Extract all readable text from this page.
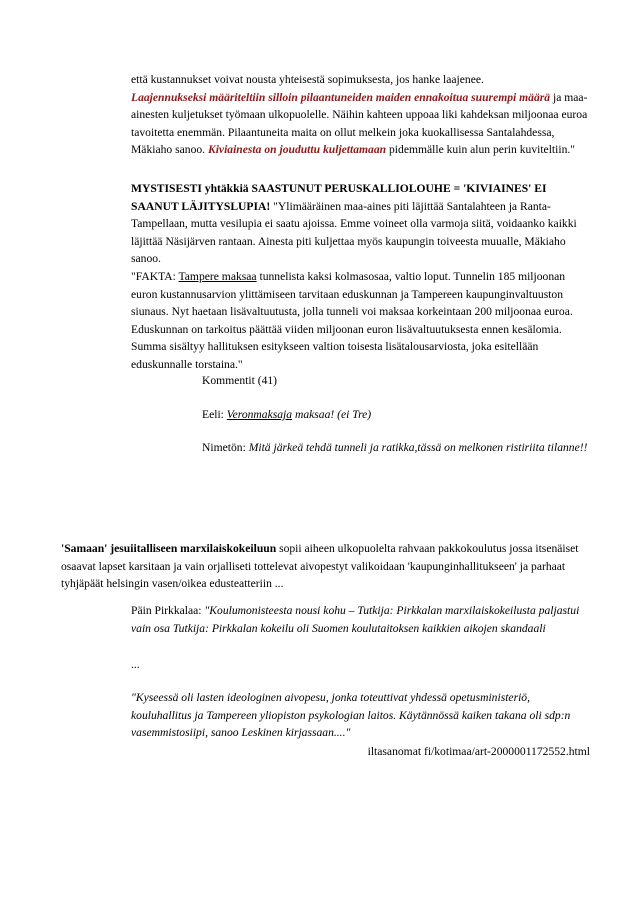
että kustannukset voivat nousta yhteisestä sopimuksesta, jos hanke laajenee.
Laajennukseksi määriteltiin silloin pilaantuneiden maiden ennakoitua suurempi määrä ja maa-ainesten kuljetukset työmaan ulkopuolelle. Näihin kahteen uppoaa liki kahdeksan miljoonaa euroa tavoitetta enemmän. Pilaantuneita maita on ollut melkein joka kuokallisessa Santalahdessa, Mäkiaho sanoo. Kiviainesta on jouduttu kuljettamaan pidemmälle kuin alun perin kuviteltiin."
MYSTISESTI yhtäkkiä SAASTUNUT PERUSKALLIOLOUHE = 'KIVIAINES' EI SAANUT LÄJITYSLUPIA! "Ylimääräinen maa-aines piti läjittää Santalahteen ja Ranta-Tampellaan, mutta vesilupia ei saatu ajoissa. Emme voineet olla varmoja siitä, voidaanko kaikki läjittää Näsijärven rantaan. Ainesta piti kuljettaa myös kaupungin toiveesta muualle, Mäkiaho sanoo.
"FAKTA: Tampere maksaa tunnelista kaksi kolmasosaa, valtio loput. Tunnelin 185 miljoonan euron kustannusarvion ylittämiseen tarvitaan eduskunnan ja Tampereen kaupunginvaltuuston siunaus. Nyt haetaan lisävaltuutusta, jolla tunneli voi maksaa korkeintaan 200 miljoonaa euroa. Eduskunnan on tarkoitus päättää viiden miljoonan euron lisävaltuutuksesta ennen kesälomia. Summa sisältyy hallituksen esitykseen valtion toisesta lisätalousarviosta, joka esitellään eduskunnalle torstaina."
Kommentit (41)
Eeli: Veronmaksaja maksaa! (ei Tre)
Nimetön: Mitä järkeä tehdä tunneli ja ratikka,tässä on melkonen ristiriita tilanne!!
'Samaan' jesuiitalliseen marxilaiskokeiluun sopii aiheen ulkopuolelta rahvaan pakkokoulutus jossa itsenäiset osaavat lapset karsitaan ja vain orjalliseti tottelevat aivopestyt valikoidaan 'kaupunginhallitukseen' ja parhaat tyhjäpäät helsingin vasen/oikea edusteatteriin ...
Päin Pirkkalaa: "Koulumonisteesta nousi kohu – Tutkija: Pirkkalan marxilaiskokeilusta paljastui vain osa Tutkija: Pirkkalan kokeilu oli Suomen koulutaitoksen kaikkien aikojen skandaali
...
"Kyseessä oli lasten ideologinen aivopesu, jonka toteuttivat yhdessä opetusministeriö, kouluhallitus ja Tampereen yliopiston psykologian laitos. Käytännössä kaiken takana oli sdp:n vasemmistosiipi, sanoo Leskinen kirjassaan...."
iltasanomat fi/kotimaa/art-2000001172552.html
